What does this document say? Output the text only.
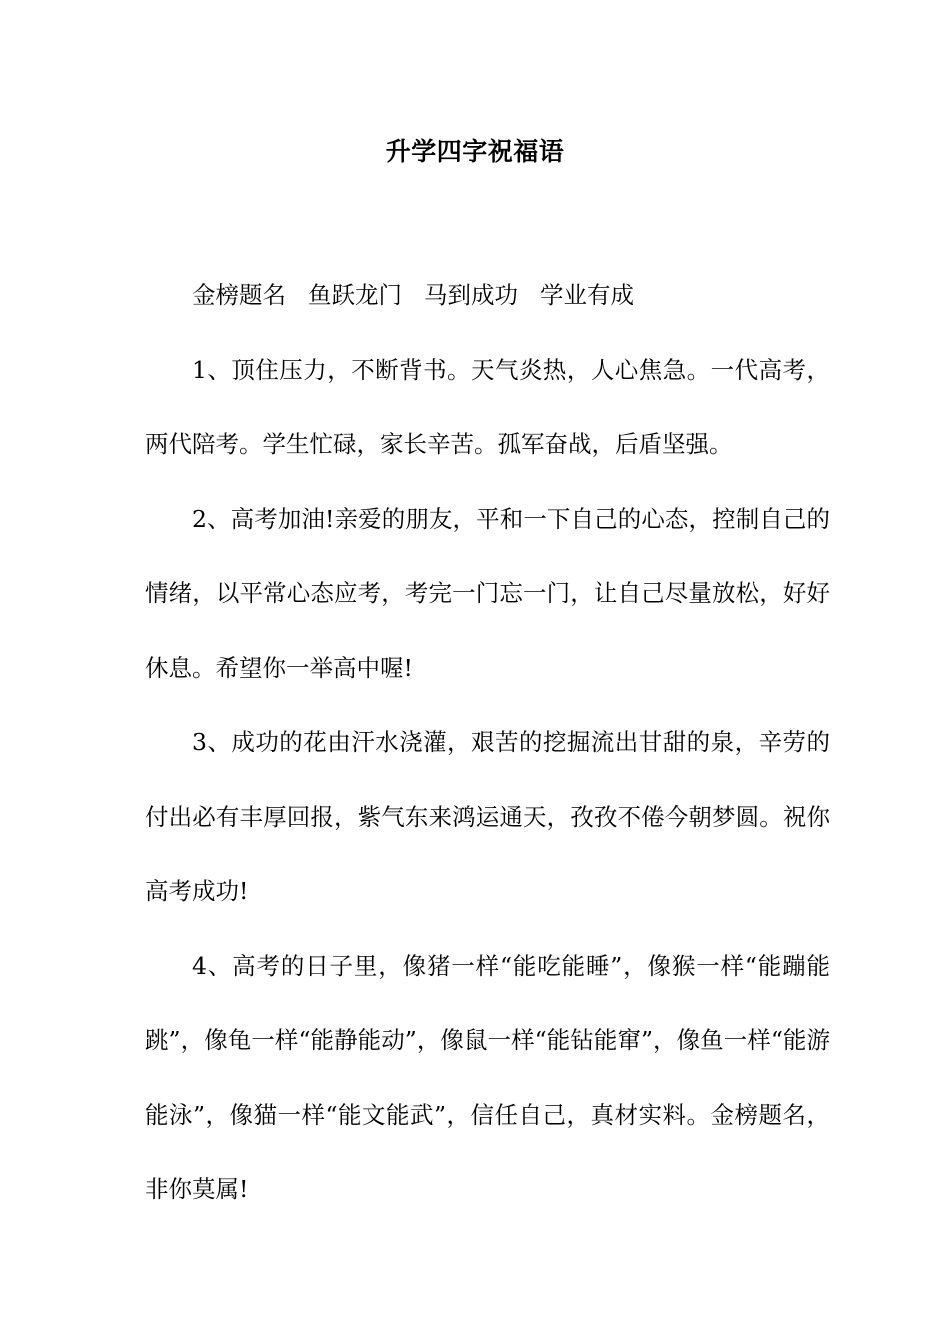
升学四字祝福语

金榜题名 鱼跃龙门 马到成功 学业有成

1、顶住压力，不断背书。天气炎热，人心焦急。一代高考，两代陪考。学生忙碌，家长辛苦。孤军奋战，后盾坚强。

2、高考加油!亲爱的朋友，平和一下自己的心态，控制自己的情绪，以平常心态应考，考完一门忘一门，让自己尽量放松，好好休息。希望你一举高中喔!

3、成功的花由汗水浇灌，艰苦的挖掘流出甘甜的泉，辛劳的付出必有丰厚回报，紫气东来鸿运通天，孜孜不倦今朝梦圆。祝你高考成功!

4、高考的日子里，像猪一样“能吃能睡”，像猴一样“能蹦能跳”，像龟一样“能静能动”，像鼠一样“能钻能窜”，像鱼一样“能游能泳”，像猫一样“能文能武”，信任自己，真材实料。金榜题名，非你莫属!
